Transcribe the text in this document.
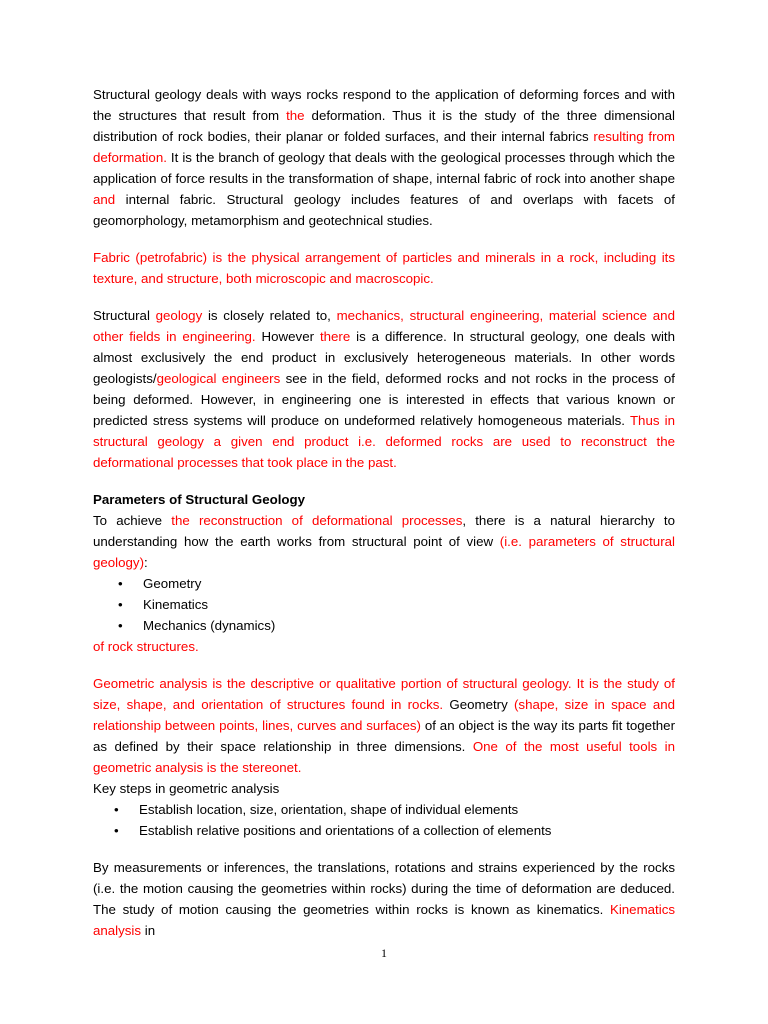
Structural geology deals with ways rocks respond to the application of deforming forces and with the structures that result from the deformation. Thus it is the study of the three dimensional distribution of rock bodies, their planar or folded surfaces, and their internal fabrics resulting from deformation. It is the branch of geology that deals with the geological processes through which the application of force results in the transformation of shape, internal fabric of rock into another shape and internal fabric. Structural geology includes features of and overlaps with facets of geomorphology, metamorphism and geotechnical studies.

Fabric (petrofabric) is the physical arrangement of particles and minerals in a rock, including its texture, and structure, both microscopic and macroscopic.

Structural geology is closely related to, mechanics, structural engineering, material science and other fields in engineering. However there is a difference. In structural geology, one deals with almost exclusively the end product in exclusively heterogeneous materials. In other words geologists/geological engineers see in the field, deformed rocks and not rocks in the process of being deformed. However, in engineering one is interested in effects that various known or predicted stress systems will produce on undeformed relatively homogeneous materials. Thus in structural geology a given end product i.e. deformed rocks are used to reconstruct the deformational processes that took place in the past.

Parameters of Structural Geology

To achieve the reconstruction of deformational processes, there is a natural hierarchy to understanding how the earth works from structural point of view (i.e. parameters of structural geology):

• Geometry
• Kinematics
• Mechanics (dynamics)

of rock structures.

Geometric analysis is the descriptive or qualitative portion of structural geology. It is the study of size, shape, and orientation of structures found in rocks. Geometry (shape, size in space and relationship between points, lines, curves and surfaces) of an object is the way its parts fit together as defined by their space relationship in three dimensions. One of the most useful tools in geometric analysis is the stereonet.

Key steps in geometric analysis

• Establish location, size, orientation, shape of individual elements
• Establish relative positions and orientations of a collection of elements

By measurements or inferences, the translations, rotations and strains experienced by the rocks (i.e. the motion causing the geometries within rocks) during the time of deformation are deduced. The study of motion causing the geometries within rocks is known as kinematics. Kinematics analysis in

1
